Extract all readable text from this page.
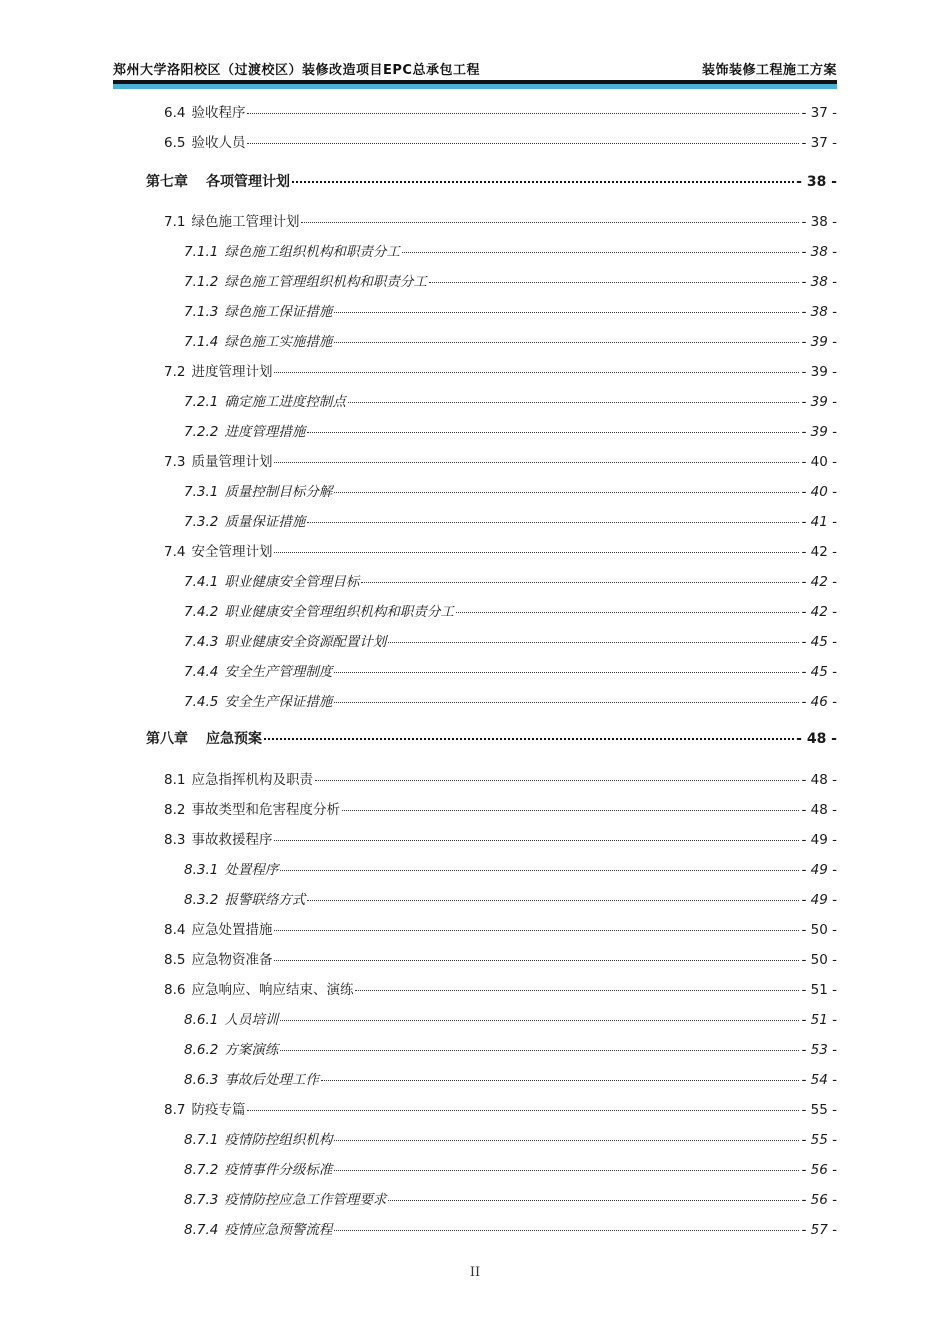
郑州大学洛阳校区（过渡校区）装修改造项目EPC总承包工程	装饰装修工程施工方案
6.4 验收程序	- 37 -
6.5 验收人员	- 37 -
第七章 各项管理计划	- 38 -
7.1 绿色施工管理计划	- 38 -
7.1.1 绿色施工组织机构和职责分工	- 38 -
7.1.2 绿色施工管理组织机构和职责分工	- 38 -
7.1.3 绿色施工保证措施	- 38 -
7.1.4 绿色施工实施措施	- 39 -
7.2 进度管理计划	- 39 -
7.2.1 确定施工进度控制点	- 39 -
7.2.2 进度管理措施	- 39 -
7.3 质量管理计划	- 40 -
7.3.1 质量控制目标分解	- 40 -
7.3.2 质量保证措施	- 41 -
7.4 安全管理计划	- 42 -
7.4.1 职业健康安全管理目标	- 42 -
7.4.2 职业健康安全管理组织机构和职责分工	- 42 -
7.4.3 职业健康安全资源配置计划	- 45 -
7.4.4 安全生产管理制度	- 45 -
7.4.5 安全生产保证措施	- 46 -
第八章 应急预案	- 48 -
8.1 应急指挥机构及职责	- 48 -
8.2 事故类型和危害程度分析	- 48 -
8.3 事故救援程序	- 49 -
8.3.1 处置程序	- 49 -
8.3.2 报警联络方式	- 49 -
8.4 应急处置措施	- 50 -
8.5 应急物资准备	- 50 -
8.6 应急响应、响应结束、演练	- 51 -
8.6.1 人员培训	- 51 -
8.6.2 方案演练	- 53 -
8.6.3 事故后处理工作	- 54 -
8.7 防疫专篇	- 55 -
8.7.1 疫情防控组织机构	- 55 -
8.7.2 疫情事件分级标准	- 56 -
8.7.3 疫情防控应急工作管理要求	- 56 -
8.7.4 疫情应急预警流程	- 57 -
II
